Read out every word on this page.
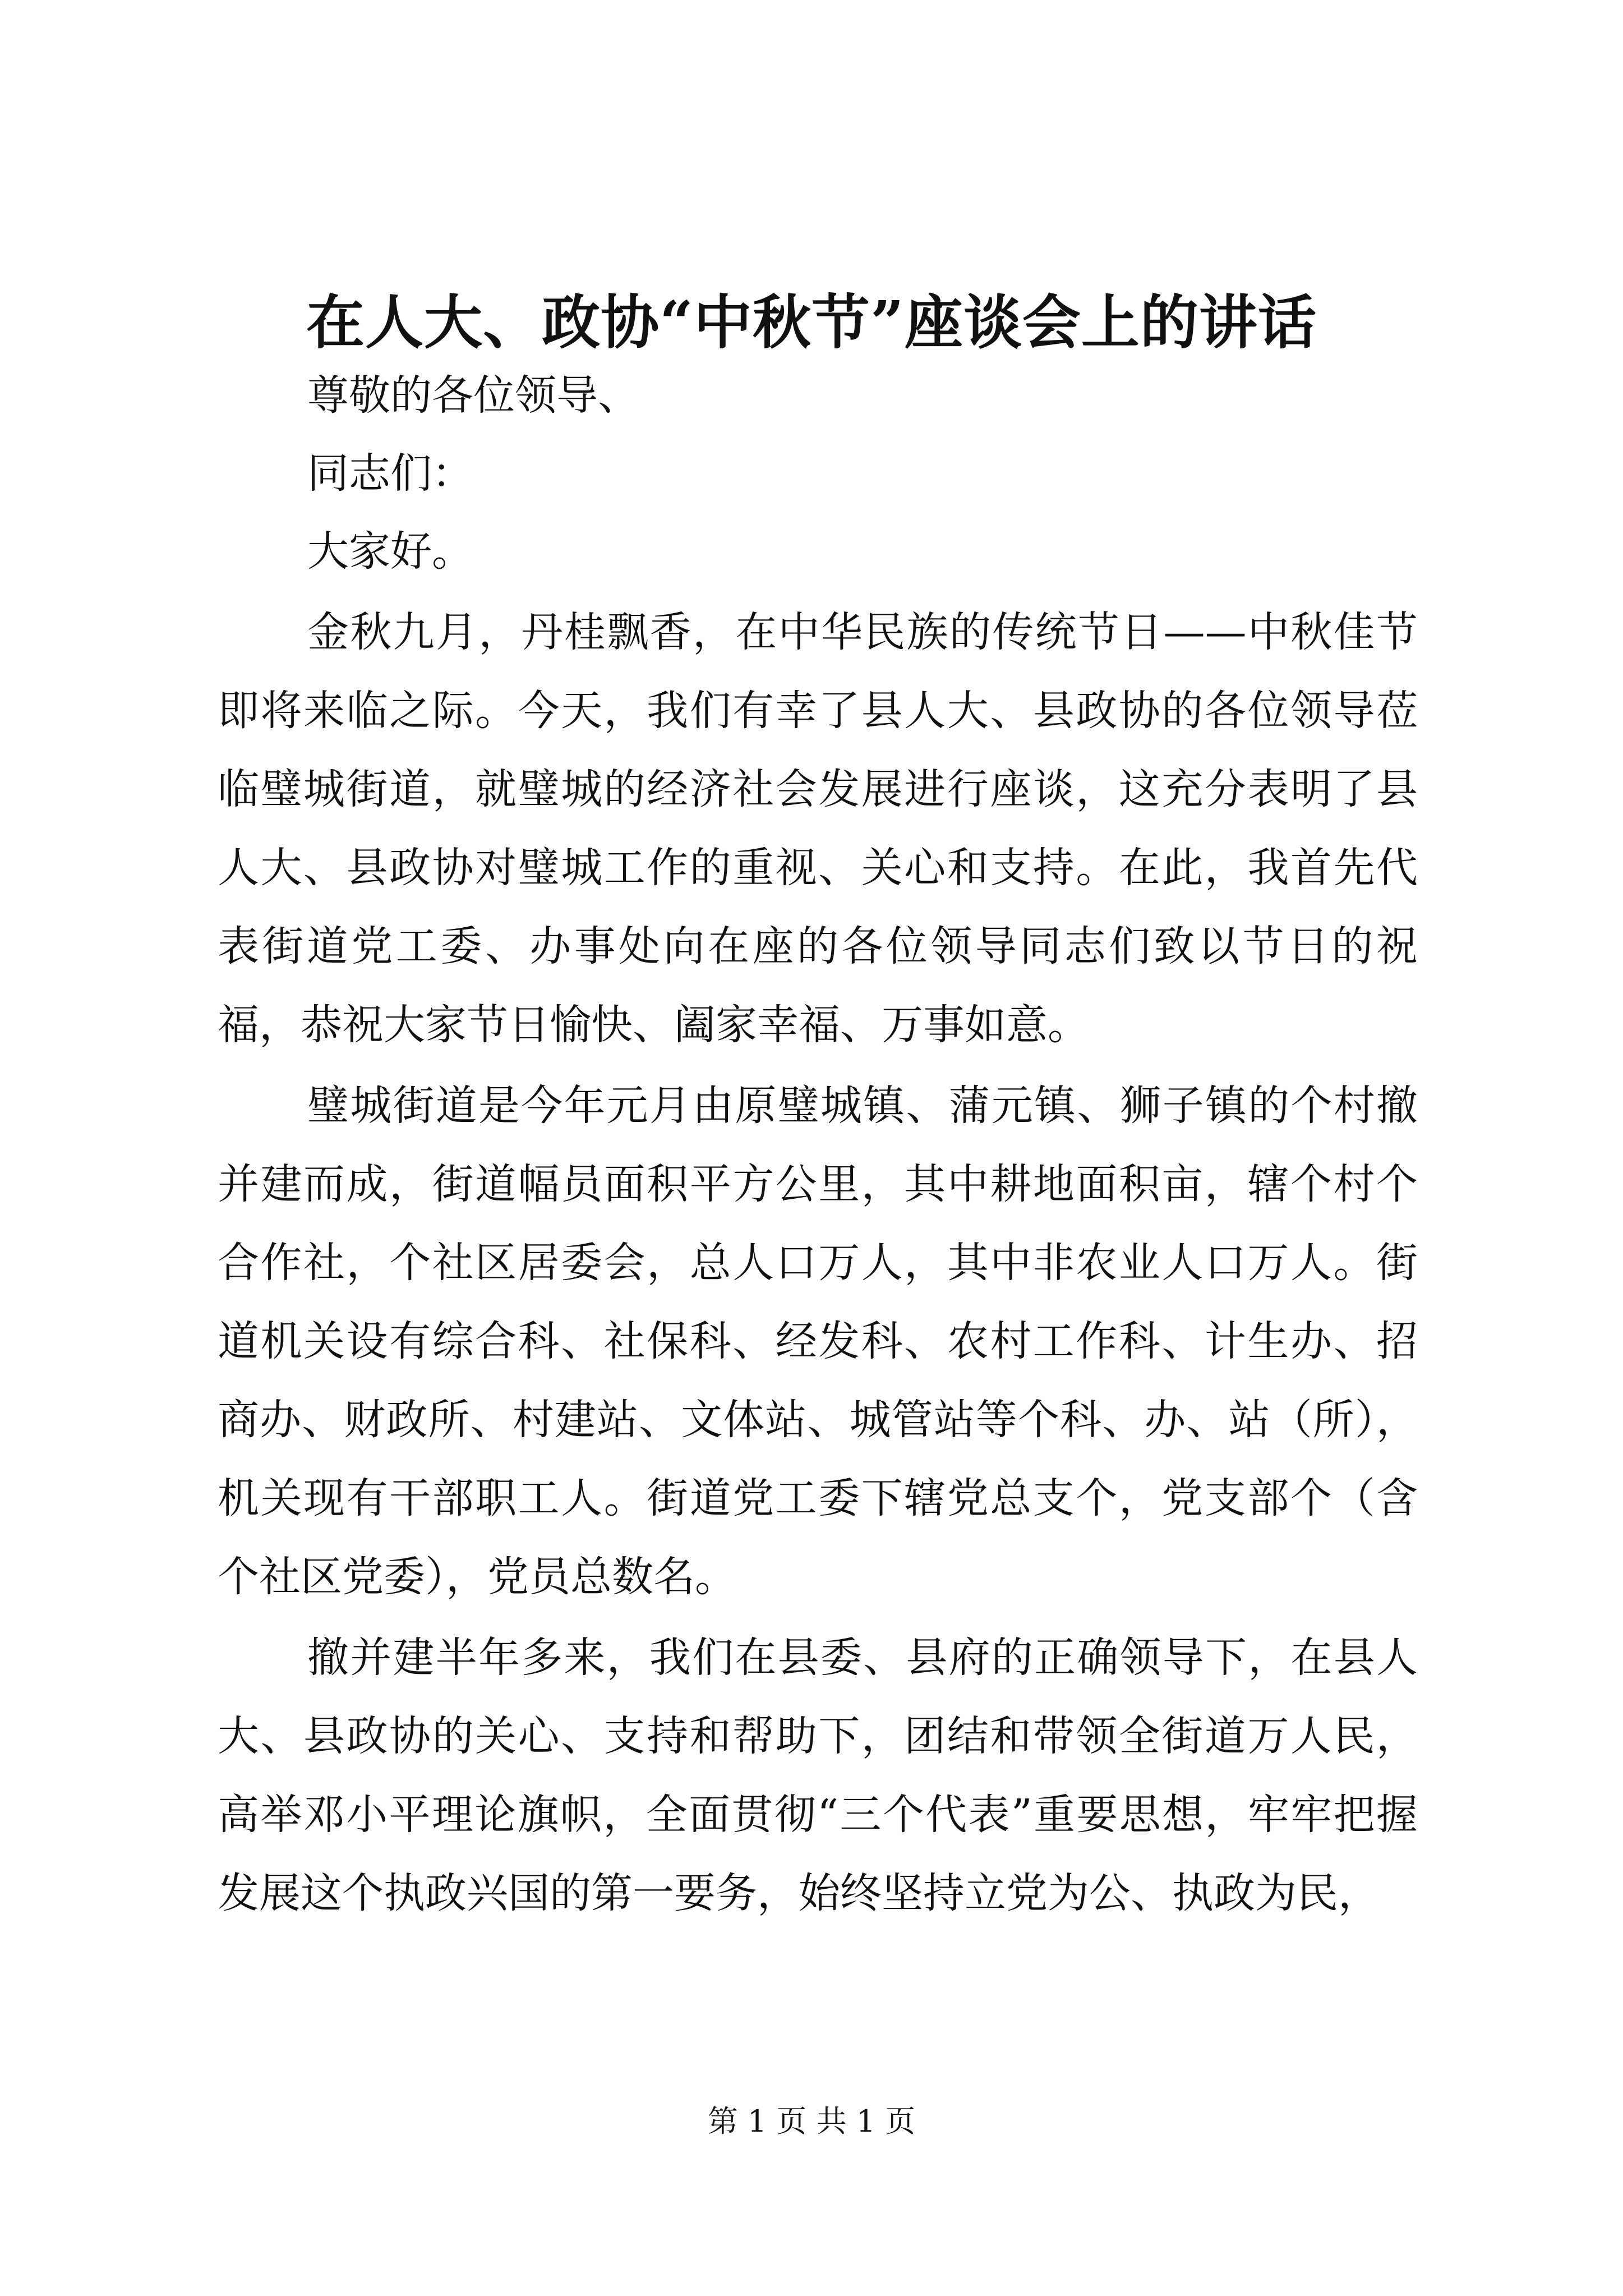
在人大、政协“中秋节”座谈会上的讲话

尊敬的各位领导、

同志们：

大家好。

金秋九月，丹桂飘香，在中华民族的传统节日——中秋佳节即将来临之际。今天，我们有幸了县人大、县政协的各位领导莅临璧城街道，就璧城的经济社会发展进行座谈，这充分表明了县人大、县政协对璧城工作的重视、关心和支持。在此，我首先代表街道党工委、办事处向在座的各位领导同志们致以节日的祝福，恭祝大家节日愉快、阖家幸福、万事如意。

璧城街道是今年元月由原璧城镇、蒲元镇、狮子镇的个村撤并建而成，街道幅员面积平方公里，其中耕地面积亩，辖个村个合作社，个社区居委会，总人口万人，其中非农业人口万人。街道机关设有综合科、社保科、经发科、农村工作科、计生办、招商办、财政所、村建站、文体站、城管站等个科、办、站（所），机关现有干部职工人。街道党工委下辖党总支个，党支部个（含个社区党委），党员总数名。

撤并建半年多来，我们在县委、县府的正确领导下，在县人大、县政协的关心、支持和帮助下，团结和带领全街道万人民，高举邓小平理论旗帜，全面贯彻“三个代表”重要思想，牢牢把握发展这个执政兴国的第一要务，始终坚持立党为公、执政为民，

第 1 页 共 1 页
